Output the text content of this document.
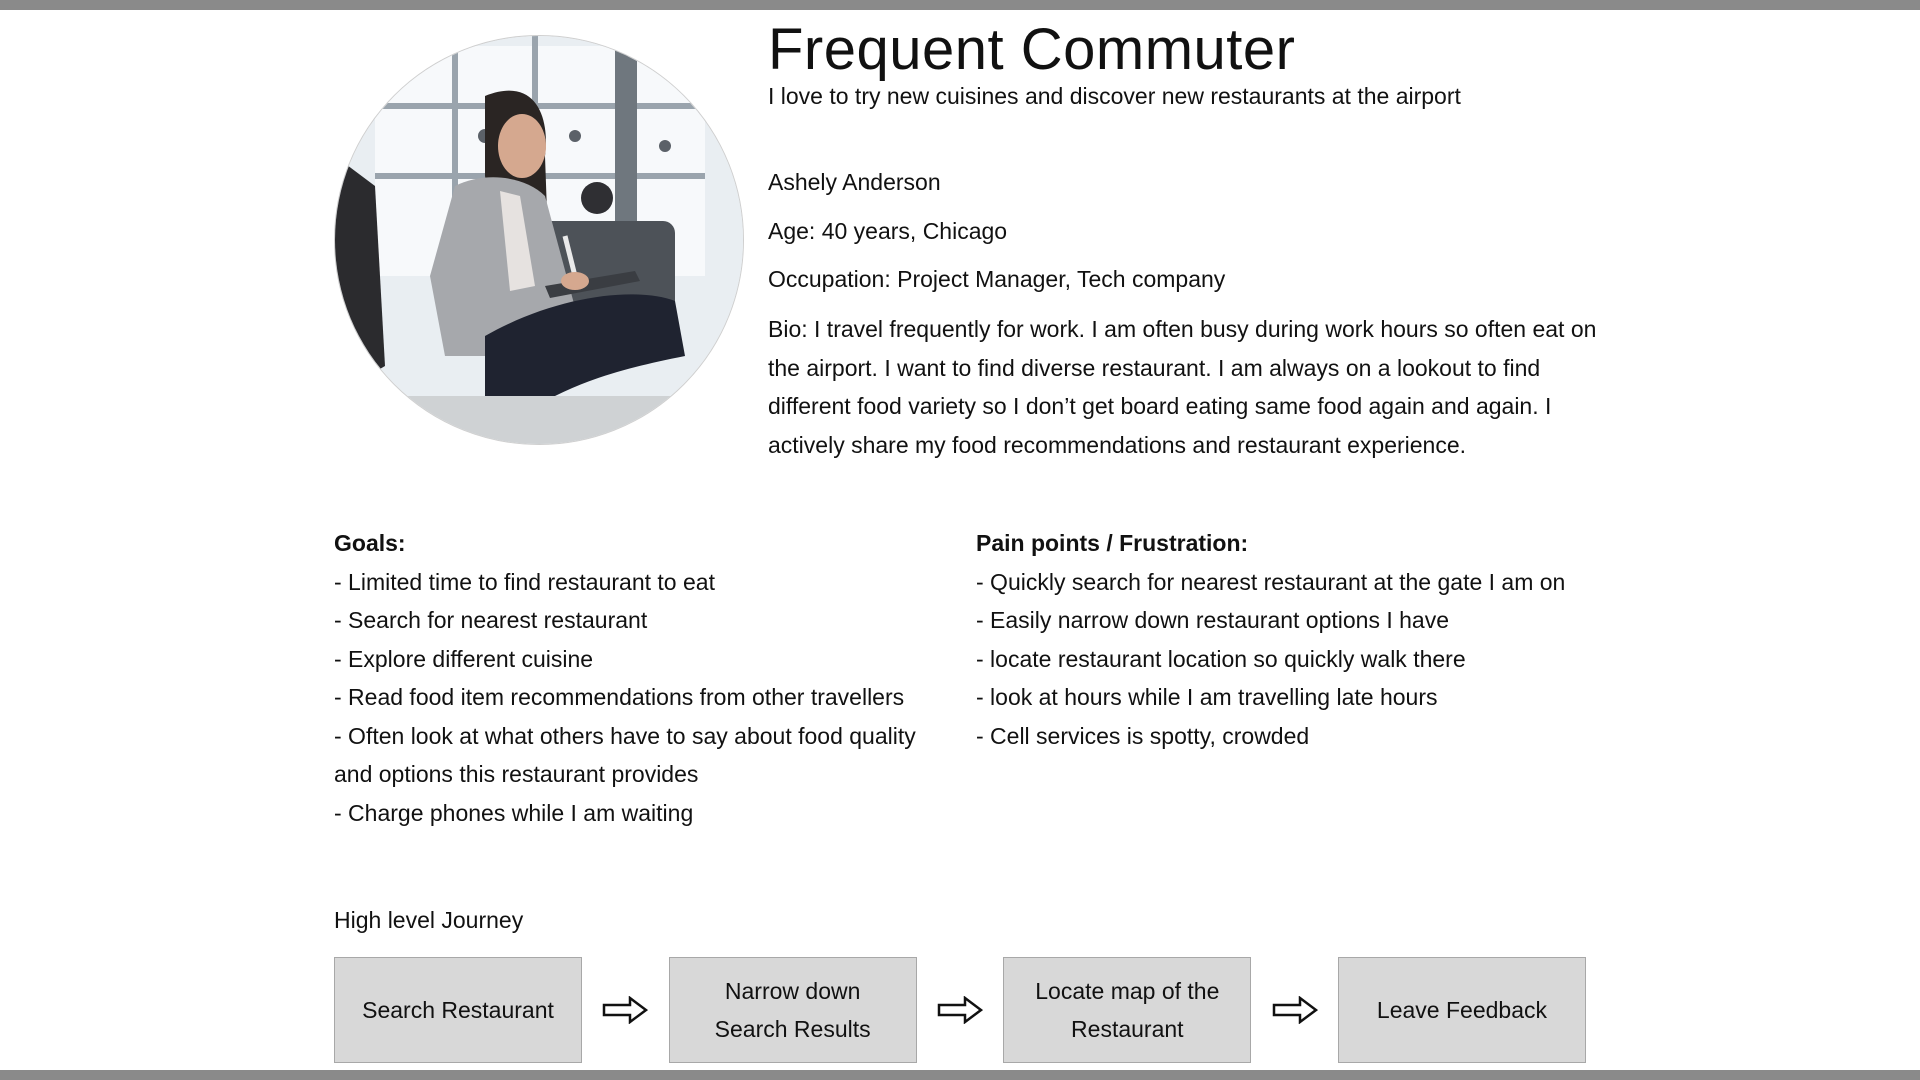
Frequent Commuter
I love to try new cuisines and discover new restaurants at the airport
Ashely Anderson
Age: 40 years, Chicago
Occupation: Project Manager, Tech company

Bio: I travel frequently for work. I am often busy during work hours so often eat on the airport. I want to find diverse restaurant. I am always on a lookout to find different food variety so I don’t get board eating same food again and again. I actively share my food recommendations and restaurant experience.

Goals:
- Limited time to find restaurant to eat
- Search for nearest restaurant
- Explore different cuisine
- Read food item recommendations from other travellers
- Often look at what others have to say about food quality and options this restaurant provides
- Charge phones while I am waiting
Pain points / Frustration:
- Quickly search for nearest restaurant at the gate I am on
- Easily narrow down restaurant options I have
- locate restaurant location so quickly walk there
- look at hours while I am travelling late hours
- Cell services is spotty, crowded
High level Journey
Search Restaurant
Narrow down Search Results
Locate map of the Restaurant
Leave Feedback
